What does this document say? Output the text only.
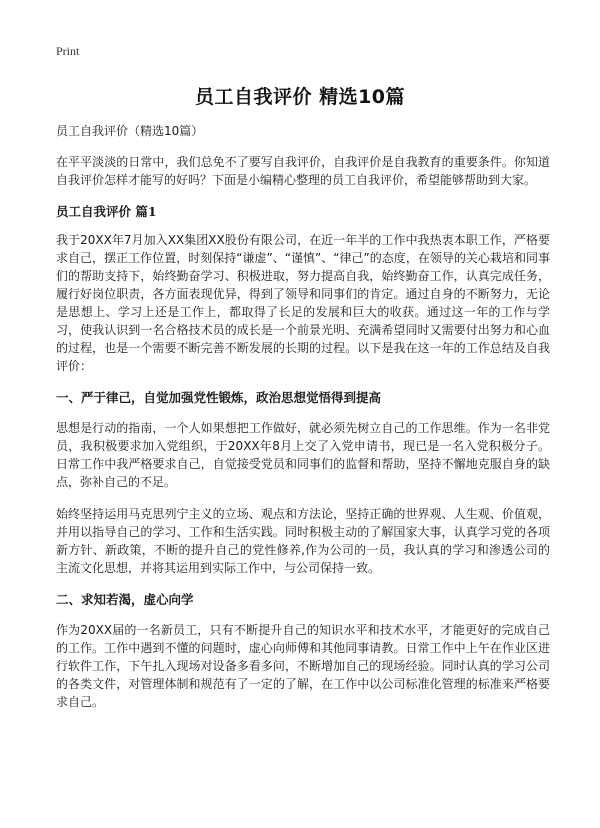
Print
员工自我评价 精选10篇
员工自我评价（精选10篇）

在平平淡淡的日常中，我们总免不了要写自我评价，自我评价是自我教育的重要条件。你知道自我评价怎样才能写的好吗？下面是小编精心整理的员工自我评价，希望能够帮助到大家。

员工自我评价 篇1

我于20XX年7月加入XX集团XX股份有限公司，在近一年半的工作中我热衷本职工作，严格要求自己，摆正工作位置，时刻保持“谦虚”、“谨慎”、“律己”的态度，在领导的关心栽培和同事们的帮助支持下，始终勤奋学习、积极进取，努力提高自我，始终勤奋工作，认真完成任务，履行好岗位职责，各方面表现优异，得到了领导和同事们的肯定。通过自身的不断努力，无论是思想上、学习上还是工作上，都取得了长足的发展和巨大的收获。通过这一年的工作与学习，使我认识到一名合格技术员的成长是一个前景光明、充满希望同时又需要付出努力和心血的过程，也是一个需要不断完善不断发展的长期的过程。以下是我在这一年的工作总结及自我评价：

一、严于律己，自觉加强党性锻炼，政治思想觉悟得到提高

思想是行动的指南，一个人如果想把工作做好，就必须先树立自己的工作思维。作为一名非党员，我积极要求加入党组织，于20XX年8月上交了入党申请书，现已是一名入党积极分子。日常工作中我严格要求自己，自觉接受党员和同事们的监督和帮助，坚持不懈地克服自身的缺点，弥补自己的不足。

始终坚持运用马克思列宁主义的立场、观点和方法论，坚持正确的世界观、人生观、价值观，并用以指导自己的学习、工作和生活实践。同时积极主动的了解国家大事，认真学习党的各项新方针、新政策，不断的提升自己的党性修养,作为公司的一员，我认真的学习和渗透公司的主流文化思想，并将其运用到实际工作中，与公司保持一致。

二、求知若渴，虚心向学

作为20XX届的一名新员工，只有不断提升自己的知识水平和技术水平，才能更好的完成自己的工作。工作中遇到不懂的问题时，虚心向师傅和其他同事请教。日常工作中上午在作业区进行软件工作，下午扎入现场对设备多看多问，不断增加自己的现场经验。同时认真的学习公司的各类文件，对管理体制和规范有了一定的了解，在工作中以公司标准化管理的标准来严格要求自己。
